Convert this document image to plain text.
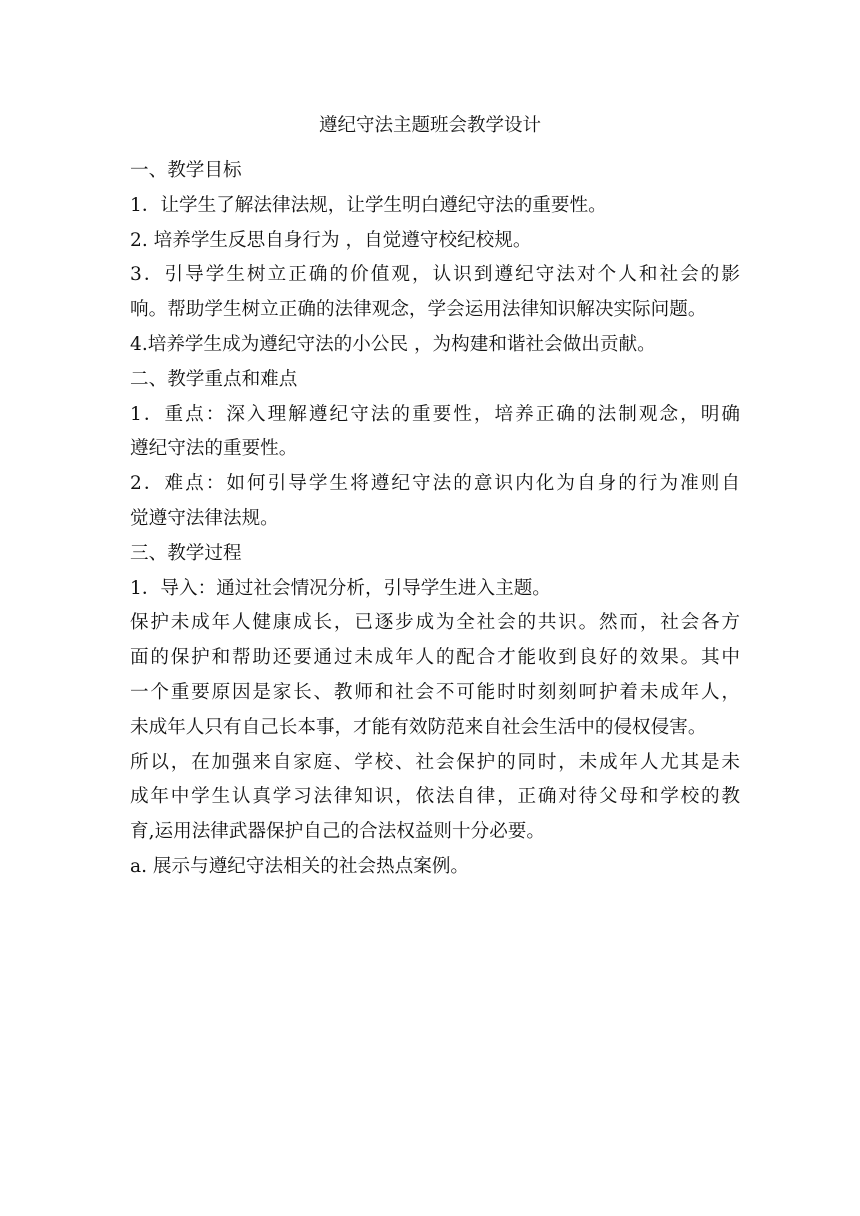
遵纪守法主题班会教学设计
一、教学目标
1．让学生了解法律法规，让学生明白遵纪守法的重要性。
2. 培养学生反思自身行为 ，自觉遵守校纪校规。
3．引导学生树立正确的价值观，认识到遵纪守法对个人和社会的影
响。帮助学生树立正确的法律观念，学会运用法律知识解决实际问题。
4.培养学生成为遵纪守法的小公民 ，为构建和谐社会做出贡献。
二、教学重点和难点
1．重点：深入理解遵纪守法的重要性，培养正确的法制观念，明确
遵纪守法的重要性。
2．难点：如何引导学生将遵纪守法的意识内化为自身的行为准则自
觉遵守法律法规。
三、教学过程
1．导入：通过社会情况分析，引导学生进入主题。
保护未成年人健康成长，已逐步成为全社会的共识。然而，社会各方
面的保护和帮助还要通过未成年人的配合才能收到良好的效果。其中
一个重要原因是家长、教师和社会不可能时时刻刻呵护着未成年人，
未成年人只有自己长本事，才能有效防范来自社会生活中的侵权侵害。
所以，在加强来自家庭、学校、社会保护的同时，未成年人尤其是未
成年中学生认真学习法律知识，依法自律，正确对待父母和学校的教
育,运用法律武器保护自己的合法权益则十分必要。
a. 展示与遵纪守法相关的社会热点案例。
